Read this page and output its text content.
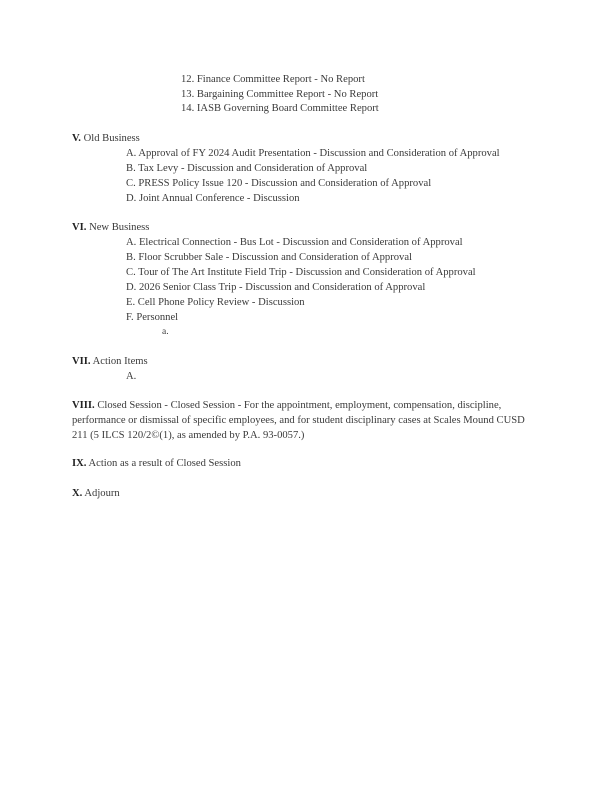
12. Finance Committee Report - No Report
13. Bargaining Committee Report - No Report
14. IASB Governing Board Committee Report
V. Old Business
A. Approval of FY 2024 Audit Presentation - Discussion and Consideration of Approval
B. Tax Levy - Discussion and Consideration of Approval
C. PRESS Policy Issue 120 - Discussion and Consideration of Approval
D. Joint Annual Conference - Discussion
VI. New Business
A. Electrical Connection - Bus Lot - Discussion and Consideration of Approval
B. Floor Scrubber Sale - Discussion and Consideration of Approval
C. Tour of The Art Institute Field Trip - Discussion and Consideration of Approval
D. 2026 Senior Class Trip - Discussion and Consideration of Approval
E. Cell Phone Policy Review - Discussion
F. Personnel
a.
VII. Action Items
A.
VIII. Closed Session - Closed Session - For the appointment, employment, compensation, discipline, performance or dismissal of specific employees, and for student disciplinary cases at Scales Mound CUSD 211 (5 ILCS 120/2©(1), as amended by P.A. 93-0057.)
IX. Action as a result of Closed Session
X. Adjourn
